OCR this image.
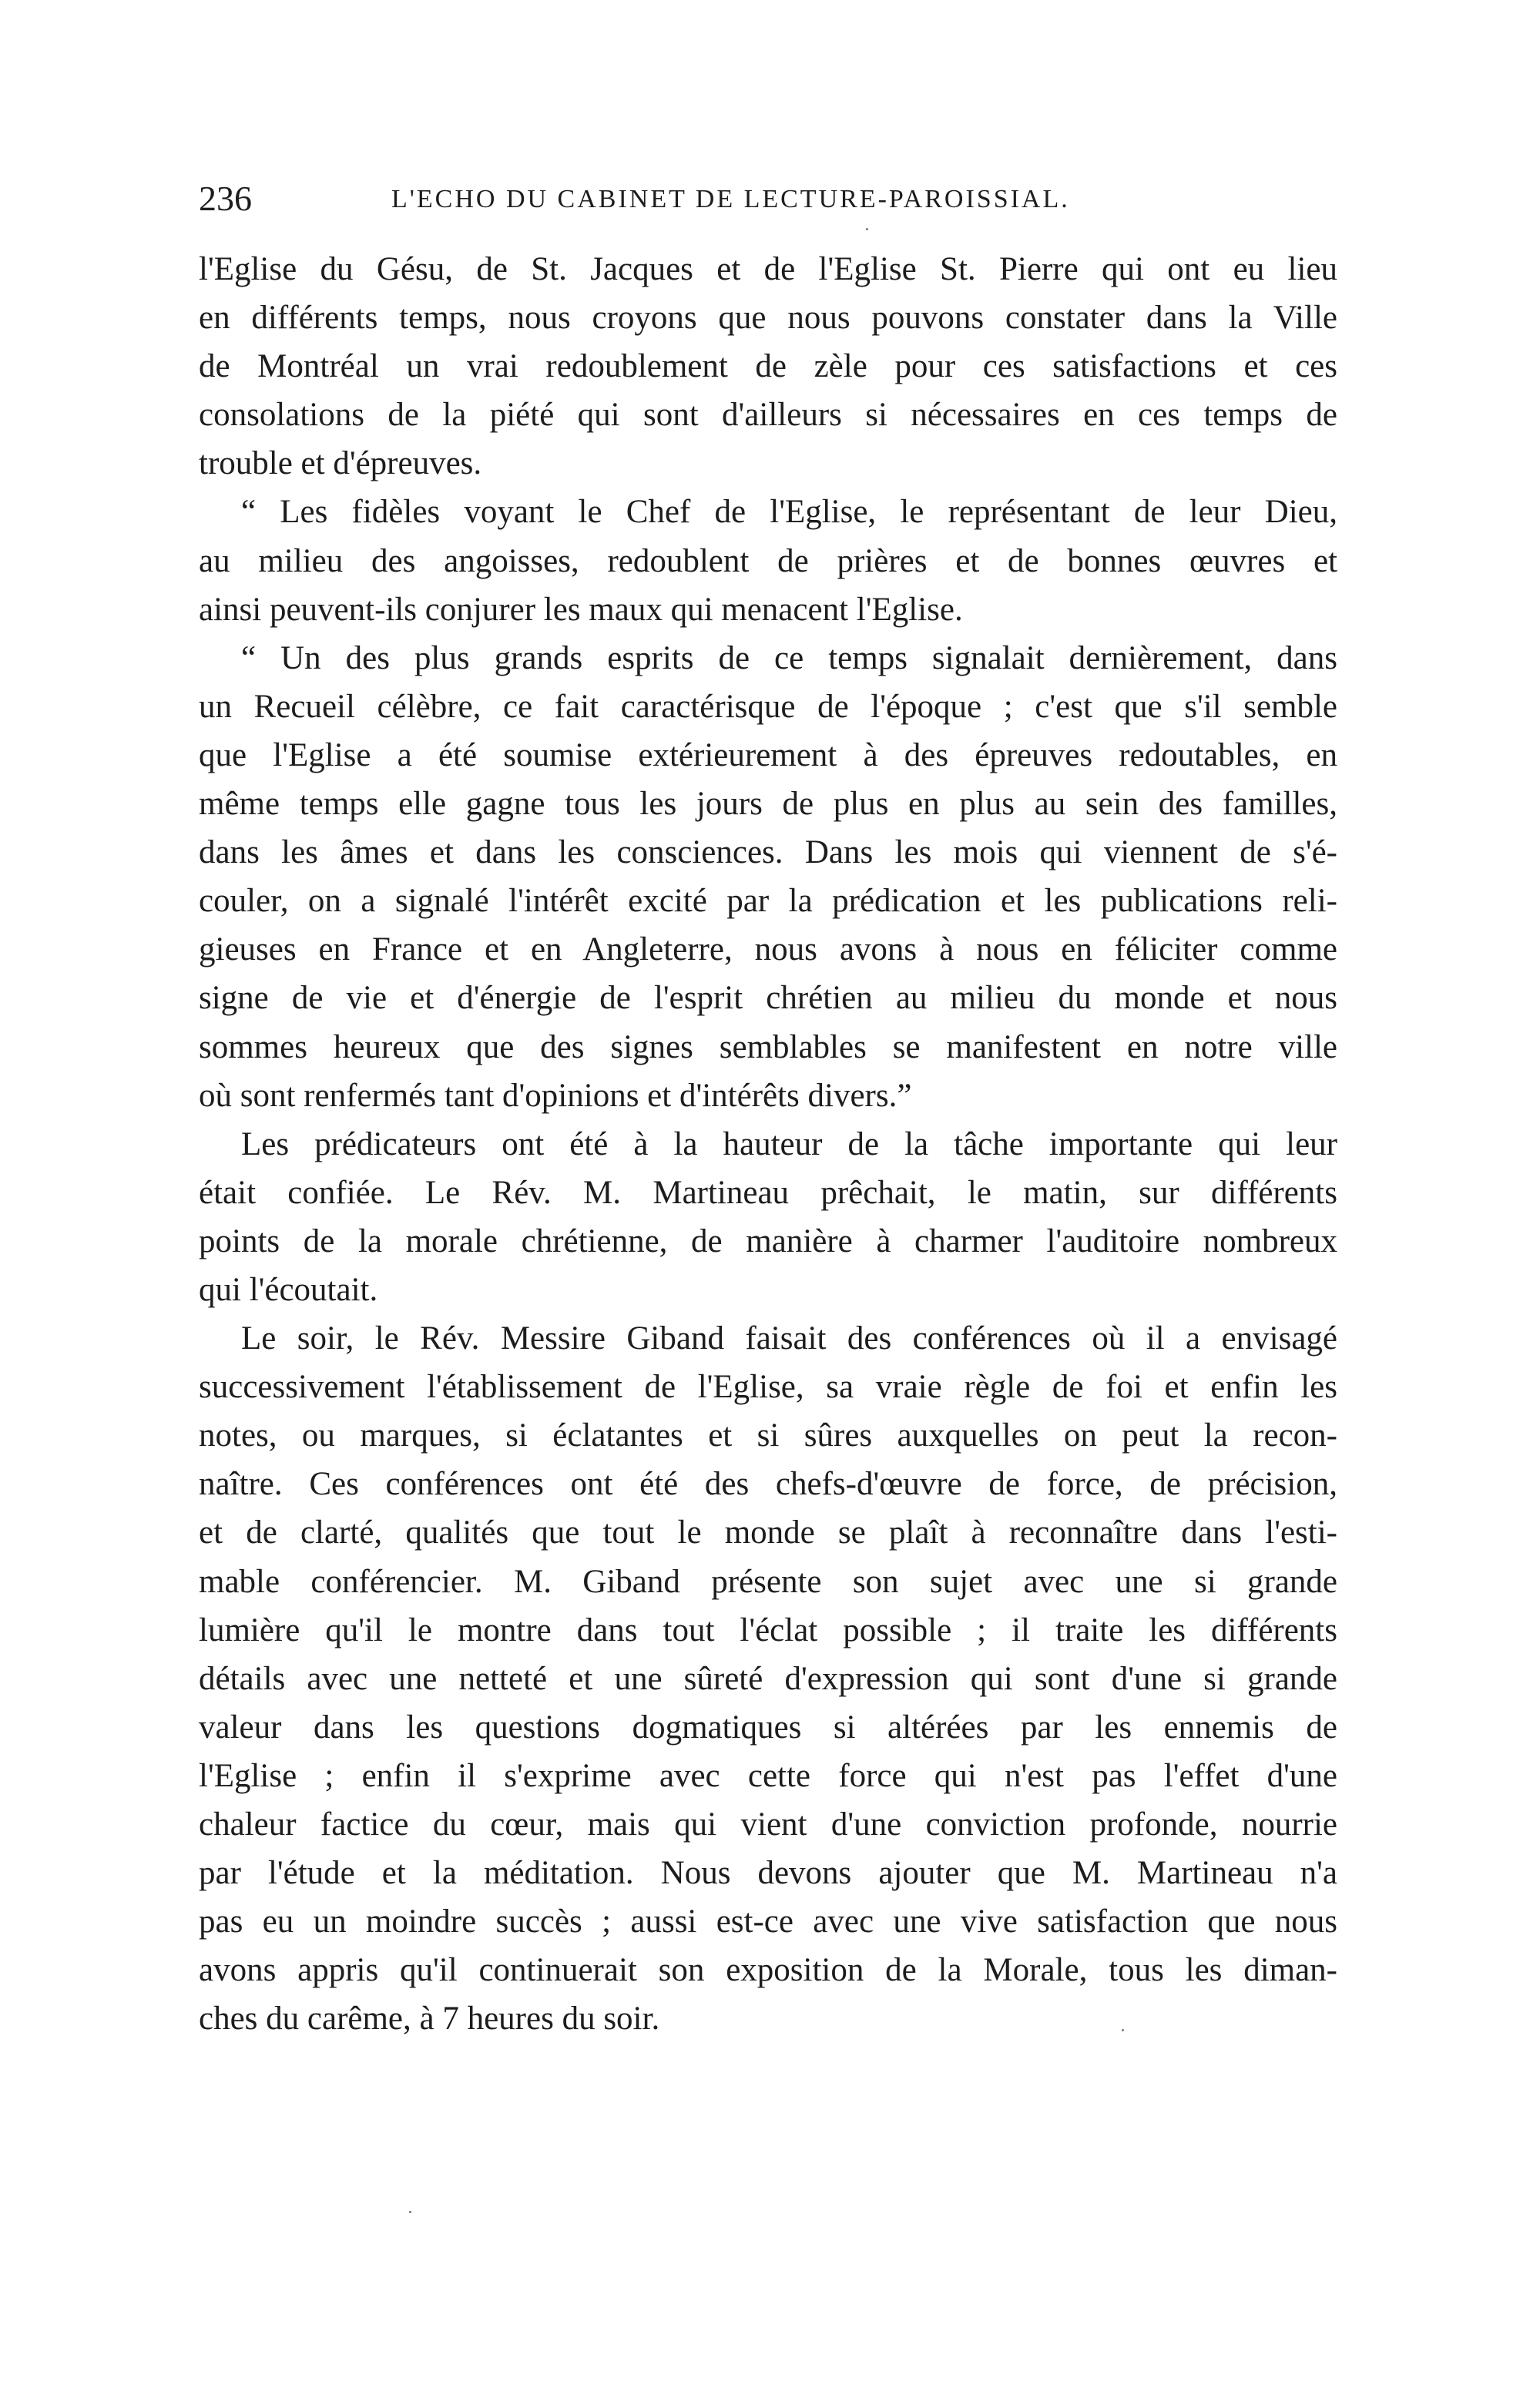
236	L'ECHO DU CABINET DE LECTURE-PAROISSIAL.
l'Eglise du Gésu, de St. Jacques et de l'Eglise St. Pierre qui ont eu lieu
en différents temps, nous croyons que nous pouvons constater dans la Ville
de Montréal un vrai redoublement de zèle pour ces satisfactions et ces
consolations de la piété qui sont d'ailleurs si nécessaires en ces temps de
trouble et d'épreuves.
“ Les fidèles voyant le Chef de l'Eglise, le représentant de leur Dieu,
au milieu des angoisses, redoublent de prières et de bonnes œuvres et
ainsi peuvent-ils conjurer les maux qui menacent l'Eglise.
“ Un des plus grands esprits de ce temps signalait dernièrement, dans
un Recueil célèbre, ce fait caractérisque de l'époque ; c'est que s'il semble
que l'Eglise a été soumise extérieurement à des épreuves redoutables, en
même temps elle gagne tous les jours de plus en plus au sein des familles,
dans les âmes et dans les consciences. Dans les mois qui viennent de s'é-
couler, on a signalé l'intérêt excité par la prédication et les publications reli-
gieuses en France et en Angleterre, nous avons à nous en féliciter comme
signe de vie et d'énergie de l'esprit chrétien au milieu du monde et nous
sommes heureux que des signes semblables se manifestent en notre ville
où sont renfermés tant d'opinions et d'intérêts divers.”
Les prédicateurs ont été à la hauteur de la tâche importante qui leur
était confiée. Le Rév. M. Martineau prêchait, le matin, sur différents
points de la morale chrétienne, de manière à charmer l'auditoire nombreux
qui l'écoutait.
Le soir, le Rév. Messire Giband faisait des conférences où il a envisagé
successivement l'établissement de l'Eglise, sa vraie règle de foi et enfin les
notes, ou marques, si éclatantes et si sûres auxquelles on peut la recon-
naître. Ces conférences ont été des chefs-d'œuvre de force, de précision,
et de clarté, qualités que tout le monde se plaît à reconnaître dans l'esti-
mable conférencier. M. Giband présente son sujet avec une si grande
lumière qu'il le montre dans tout l'éclat possible ; il traite les différents
détails avec une netteté et une sûreté d'expression qui sont d'une si grande
valeur dans les questions dogmatiques si altérées par les ennemis de
l'Eglise ; enfin il s'exprime avec cette force qui n'est pas l'effet d'une
chaleur factice du cœur, mais qui vient d'une conviction profonde, nourrie
par l'étude et la méditation. Nous devons ajouter que M. Martineau n'a
pas eu un moindre succès ; aussi est-ce avec une vive satisfaction que nous
avons appris qu'il continuerait son exposition de la Morale, tous les diman-
ches du carême, à 7 heures du soir.
